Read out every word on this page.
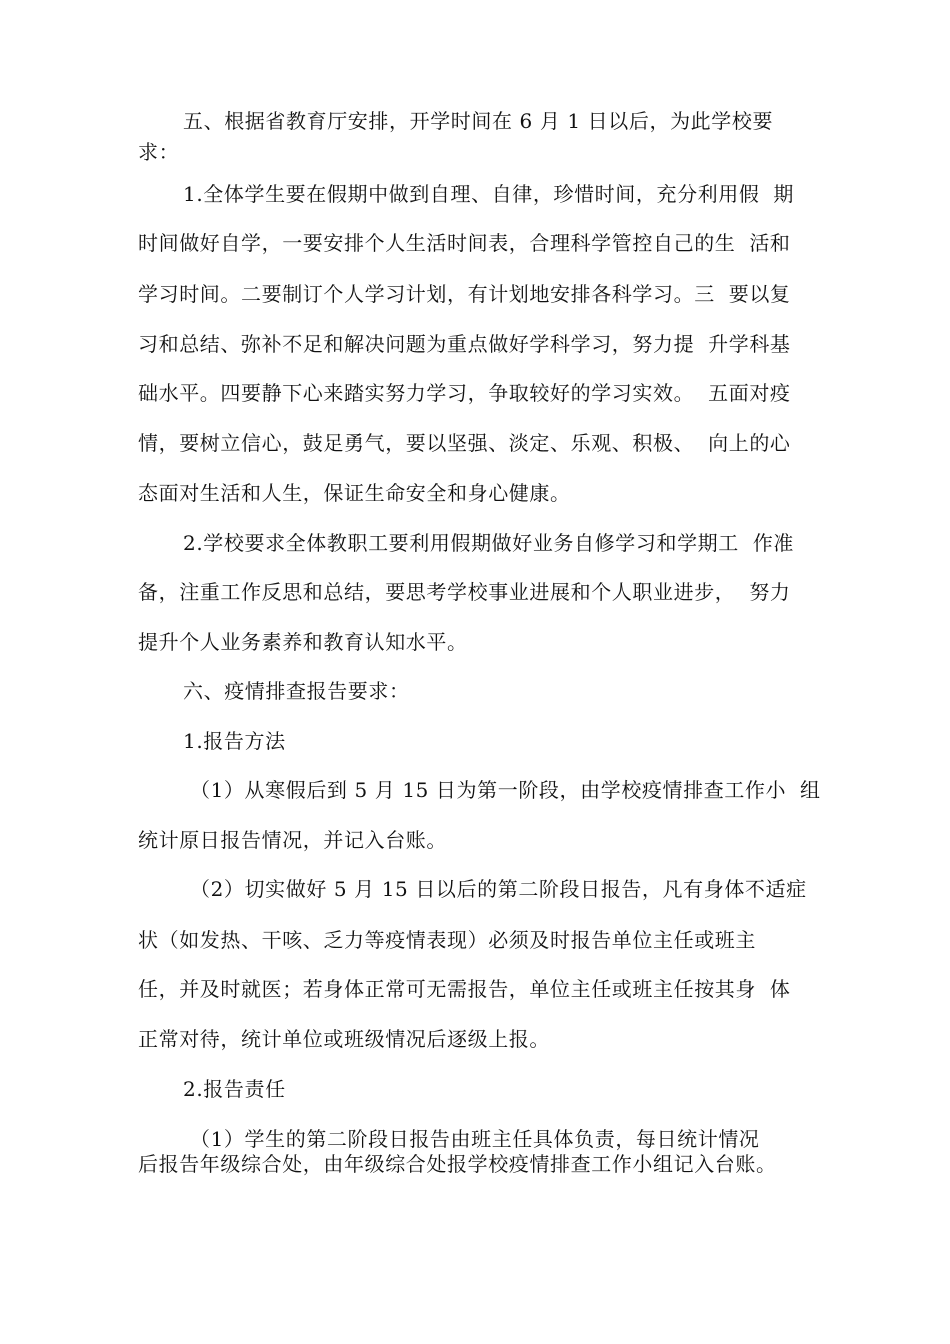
五、根据省教育厅安排，开学时间在 6 月 1 日以后，为此学校要
求：
1.全体学生要在假期中做到自理、自律，珍惜时间，充分利用假  期
时间做好自学，一要安排个人生活时间表，合理科学管控自己的生  活和
学习时间。二要制订个人学习计划，有计划地安排各科学习。三  要以复
习和总结、弥补不足和解决问题为重点做好学科学习，努力提  升学科基
础水平。四要静下心来踏实努力学习，争取较好的学习实效。  五面对疫
情，要树立信心，鼓足勇气，要以坚强、淡定、乐观、积极、  向上的心
态面对生活和人生，保证生命安全和身心健康。
2.学校要求全体教职工要利用假期做好业务自修学习和学期工  作准
备，注重工作反思和总结，要思考学校事业进展和个人职业进步，  努力
提升个人业务素养和教育认知水平。
六、疫情排查报告要求：
1.报告方法
（1）从寒假后到 5 月 15 日为第一阶段，由学校疫情排查工作小  组
统计原日报告情况，并记入台账。
（2）切实做好 5 月 15 日以后的第二阶段日报告，凡有身体不适症
状（如发热、干咳、乏力等疫情表现）必须及时报告单位主任或班主
任，并及时就医；若身体正常可无需报告，单位主任或班主任按其身  体
正常对待，统计单位或班级情况后逐级上报。
2.报告责任
（1）学生的第二阶段日报告由班主任具体负责，每日统计情况
后报告年级综合处，由年级综合处报学校疫情排查工作小组记入台账。
